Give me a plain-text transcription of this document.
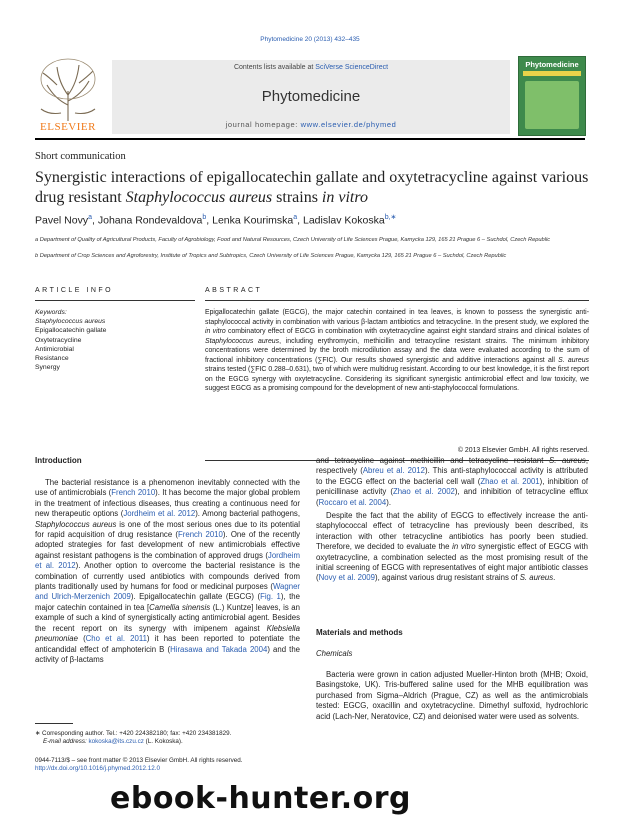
Phytomedicine 20 (2013) 432–435
Contents lists available at SciVerse ScienceDirect
Phytomedicine
journal homepage: www.elsevier.de/phymed
ELSEVIER
Phytomedicine
Short communication
Synergistic interactions of epigallocatechin gallate and oxytetracycline against various drug resistant Staphylococcus aureus strains in vitro
Pavel Novy$^a$, Johana Rondevaldova$^b$, Lenka Kourimska$^a$, Ladislav Kokoska$^{b,∗}$
a Department of Quality of Agricultural Products, Faculty of Agrobiology, Food and Natural Resources, Czech University of Life Sciences Prague, Kamycka 129, 165 21 Prague 6 – Suchdol, Czech Republic
b Department of Crop Sciences and Agroforestry, Institute of Tropics and Subtropics, Czech University of Life Sciences Prague, Kamycka 129, 165 21 Prague 6 – Suchdol, Czech Republic
ARTICLE INFO	ABSTRACT
Keywords:
Staphylococcus aureus
Epigallocatechin gallate
Oxytetracycline
Antimicrobial
Resistance
Synergy
Epigallocatechin gallate (EGCG), the major catechin contained in tea leaves, is known to possess the synergistic anti-staphylococcal activity in combination with various β-lactam antibiotics and tetracycline. In the present study, we explored the in vitro combinatory effect of EGCG in combination with oxytetracycline against eight standard strains and clinical isolates of Staphylococcus aureus, including erythromycin, methicillin and tetracycline resistant strains. The minimum inhibitory concentrations were determined by the broth microdilution assay and the data were evaluated according to the sum of fractional inhibitory concentrations (∑FIC). Our results showed synergistic and additive interactions against all S. aureus strains tested (∑FIC 0.288–0.631), two of which were multidrug resistant. According to our best knowledge, it is the first report on the EGCG synergy with oxytetracycline. Considering its significant synergistic antimicrobial effect and low toxicity, we suggest EGCG as a promising compound for the development of new anti-staphylococcal formulations.
© 2013 Elsevier GmbH. All rights reserved.
Introduction

The bacterial resistance is a phenomenon inevitably connected with the use of antimicrobials (French 2010). It has become the major global problem in the treatment of infectious diseases, thus creating a continuous need for new therapeutic options (Jordheim et al. 2012). Among bacterial pathogens, Staphylococcus aureus is one of the most serious ones due to its potential for rapid acquisition of drug resistance (French 2010). One of the recently adopted strategies for fast development of new antimicrobials effective against resistant pathogens is the combination of approved drugs (Jordheim et al. 2012). Another option to overcome the bacterial resistance is the combination of currently used antibiotics with compounds derived from plants traditionally used by humans for food or medicinal purposes (Wagner and Ulrich-Merzenich 2009). Epigallocatechin gallate (EGCG) (Fig. 1), the major catechin contained in tea [Camellia sinensis (L.) Kuntze] leaves, is an example of such a kind of synergistically acting antimicrobial agent. Besides the recent report on its synergy with imipenem against Klebsiella pneumoniae (Cho et al. 2011) it has been reported to potentiate the anticandidal effect of amphotericin B (Hirasawa and Takada 2004) and the activity of β-lactams

and tetracycline against methicillin and tetracycline resistant S. aureus, respectively (Abreu et al. 2012). This anti-staphylococcal activity is attributed to the EGCG effect on the bacterial cell wall (Zhao et al. 2001), inhibition of penicillinase activity (Zhao et al. 2002), and inhibition of tetracycline efflux (Roccaro et al. 2004).

Despite the fact that the ability of EGCG to effectively increase the anti-staphylococcal effect of tetracycline has previously been described, its interaction with other tetracycline antibiotics has poorly been studied. Therefore, we decided to evaluate the in vitro synergistic effect of EGCG with oxytetracycline, a combination selected as the most promising result of the initial screening of EGCG with representatives of eight major antibiotic classes (Novy et al. 2009), against various drug resistant strains of S. aureus.

Materials and methods
Chemicals

Bacteria were grown in cation adjusted Mueller-Hinton broth (MHB; Oxoid, Basingstoke, UK). Tris-buffered saline used for the MHB equilibration was purchased from Sigma–Aldrich (Prague, CZ) as well as the antimicrobials tested: EGCG, oxacillin and oxytetracycline. Dimethyl sulfoxid, hydrochloric acid (Lach-Ner, Neratovice, CZ) and deionised water were used as solvents.

∗ Corresponding author. Tel.: +420 224382180; fax: +420 234381829.
E-mail address: kokoska@its.czu.cz (L. Kokoska).
0944-7113/$ – see front matter © 2013 Elsevier GmbH. All rights reserved.
http://dx.doi.org/10.1016/j.phymed.2012.12.0
ebook-hunter.org
